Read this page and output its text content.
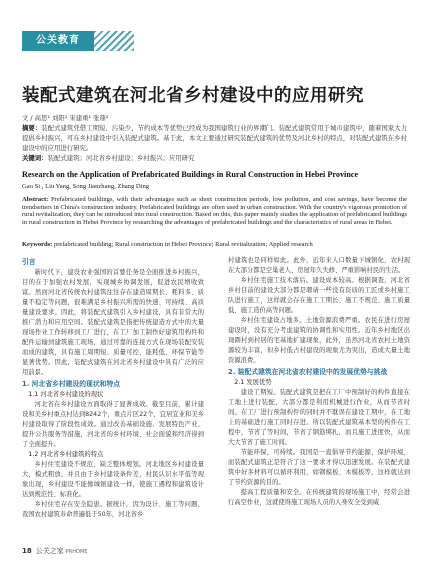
公关教育
装配式建筑在河北省乡村建设中的应用研究
文 / 高思¹ 刘阳¹ 宋建重¹ 张鼎²
摘要：装配式建筑凭借工期短、污染少、节约成本等优势已经成为我国建筑行业的界潮门。装配式建筑常用于城市建筑中，随着国家大力提倡乡村振兴，可在乡村建设中引入装配式建筑。基于此，本文主要通过研究装配式建筑的优势及河北乡村的特点，对装配式建筑在乡村建设中的应用进行研究。
关键词：装配式建筑；河北省乡村建设；乡村振兴；应用研究
Research on the Application of Prefabricated Buildings in Rural Construction in Hebei Province
Gao Si , Liu Yang, Song Jianzhang, Zhang Ding
Abstract: Prefabricated buildings, with their advantages such as short construction periods, low pollution, and cost savings, have become the trendsetters in China's construction industry. Prefabricated buildings are often used in urban construction. With the country's vigorous promotion of rural revitalization, they can be introduced into rural construction. Based on this, this paper mainly studies the application of prefabricated buildings in rural construction in Hebei Province by researching the advantages of prefabricated buildings and the characteristics of rural areas in Hebei.
Keywords: prefabricated building; Rural construction in Hebei Province; Rural revitalization; Applied research
引言

新时代下，建设农业强国的首要任务是全面推进乡村振兴，目的在于加强农村发展，实现城乡协调发展，促进农民增收致富。然而河北省传统农村建筑往往存在建造周期长、耗料多、质量不稳定等问题，很难满足乡村振兴所需的快速、可持续、高质量建设要求。因此，将装配式建筑引入乡村建设，具有非常大的推广潜力和应用空间。装配式建筑是指把传统建造方式中的大量现场作业工作转移到工厂进行，在工厂加工制作好建筑用构件和配件运输到建筑施工现场，通过可靠的连接方式在现场装配安装而成的建筑，具有施工周期短、质量可控、能耗低、环保节能等显著优势。因此，装配式建筑在河北省乡村建设中具有广泛的应用前景。

1. 河北省乡村建设的现状和特点
1.1 河北省乡村建设的现状

河北省在乡村建设方面取得了显著成效。截至目前，累计建设和美乡村重点村达到8242个，重点片区22个，宜居宜业和美乡村建设取得了阶段性成效。通过改善基础设施、发展特色产业、提升公共服务等措施，河北省的乡村环境、社会面貌和经济得到了全面提升。

1.2 河北省乡村建筑的特点

乡村住宅建设不规范，缺乏整体规划。河北地区乡村建设量大，模式粗放，并且由于乡村建设条件差，村民认识水平低等现象出现，乡村建设不能像城镇建设一样，使施工遇程和建筑设计达到规范性、标准化。

乡村住宅存在安全隐患。据统计，因为设计、施工等问题，我国农村建筑寿命普遍低于50年，河北省乡

村建筑也是同样如此。此外，近年来人口数量下城镇化，农村现在大部分都是空巢老人、房屋年久失修、严重影响村民的生活。

乡村住宅施工技术落后。建设成本较高。根据调查，河北省乡村目前的建设大部分都是聘请一些没有资质的工匠或乡村施工队进行施工，这样就会存在施工工期长、施工不规范、施工质量低、施工造价高等问题。

乡村住宅建设占地多。土地资源浪费严重。农民在进行房屋建设时，没有充分考虑建筑的协调性和实用性。近年乡村地区出现圈村到村居的宅基地扩建现象，此外，虽然河北省农村土地资源较为丰富，但乡村低占村建设的现象尤为突出，造成大量土地资源浪费。

2. 装配式建筑在河北省农村建设中的发展优势与挑战
2.1 发展优势

建设工期短。装配式建筑是把在工厂中预制好的构件直接在工地上进行装配，大部分都是利用机械进行作业，从而节省时间。在工厂进行预制构件的同时并不耽误在建设工期中，在工地上的基础进行施工同时存进。所以装配式建筑基本型的构件在工程中，节省了等时间，节省了钢筋绑扎，而且施工进度快，从而大大节省了施工时间。

节能环保，可持续。我国是一直倡导节约能源，保护环境，而装配式建筑正是符合了这一要求才得以迅速发展。在装配式建筑中好多材料可以循环利用，如钢模板、木模板等，这样就达到了节约资源的目的。

提高工程质量和安全。在传统建筑的现场施工中，经常会进行高空作业，这就使得施工现场人员的人身安全受到威

18 公关之家 PRHOME
